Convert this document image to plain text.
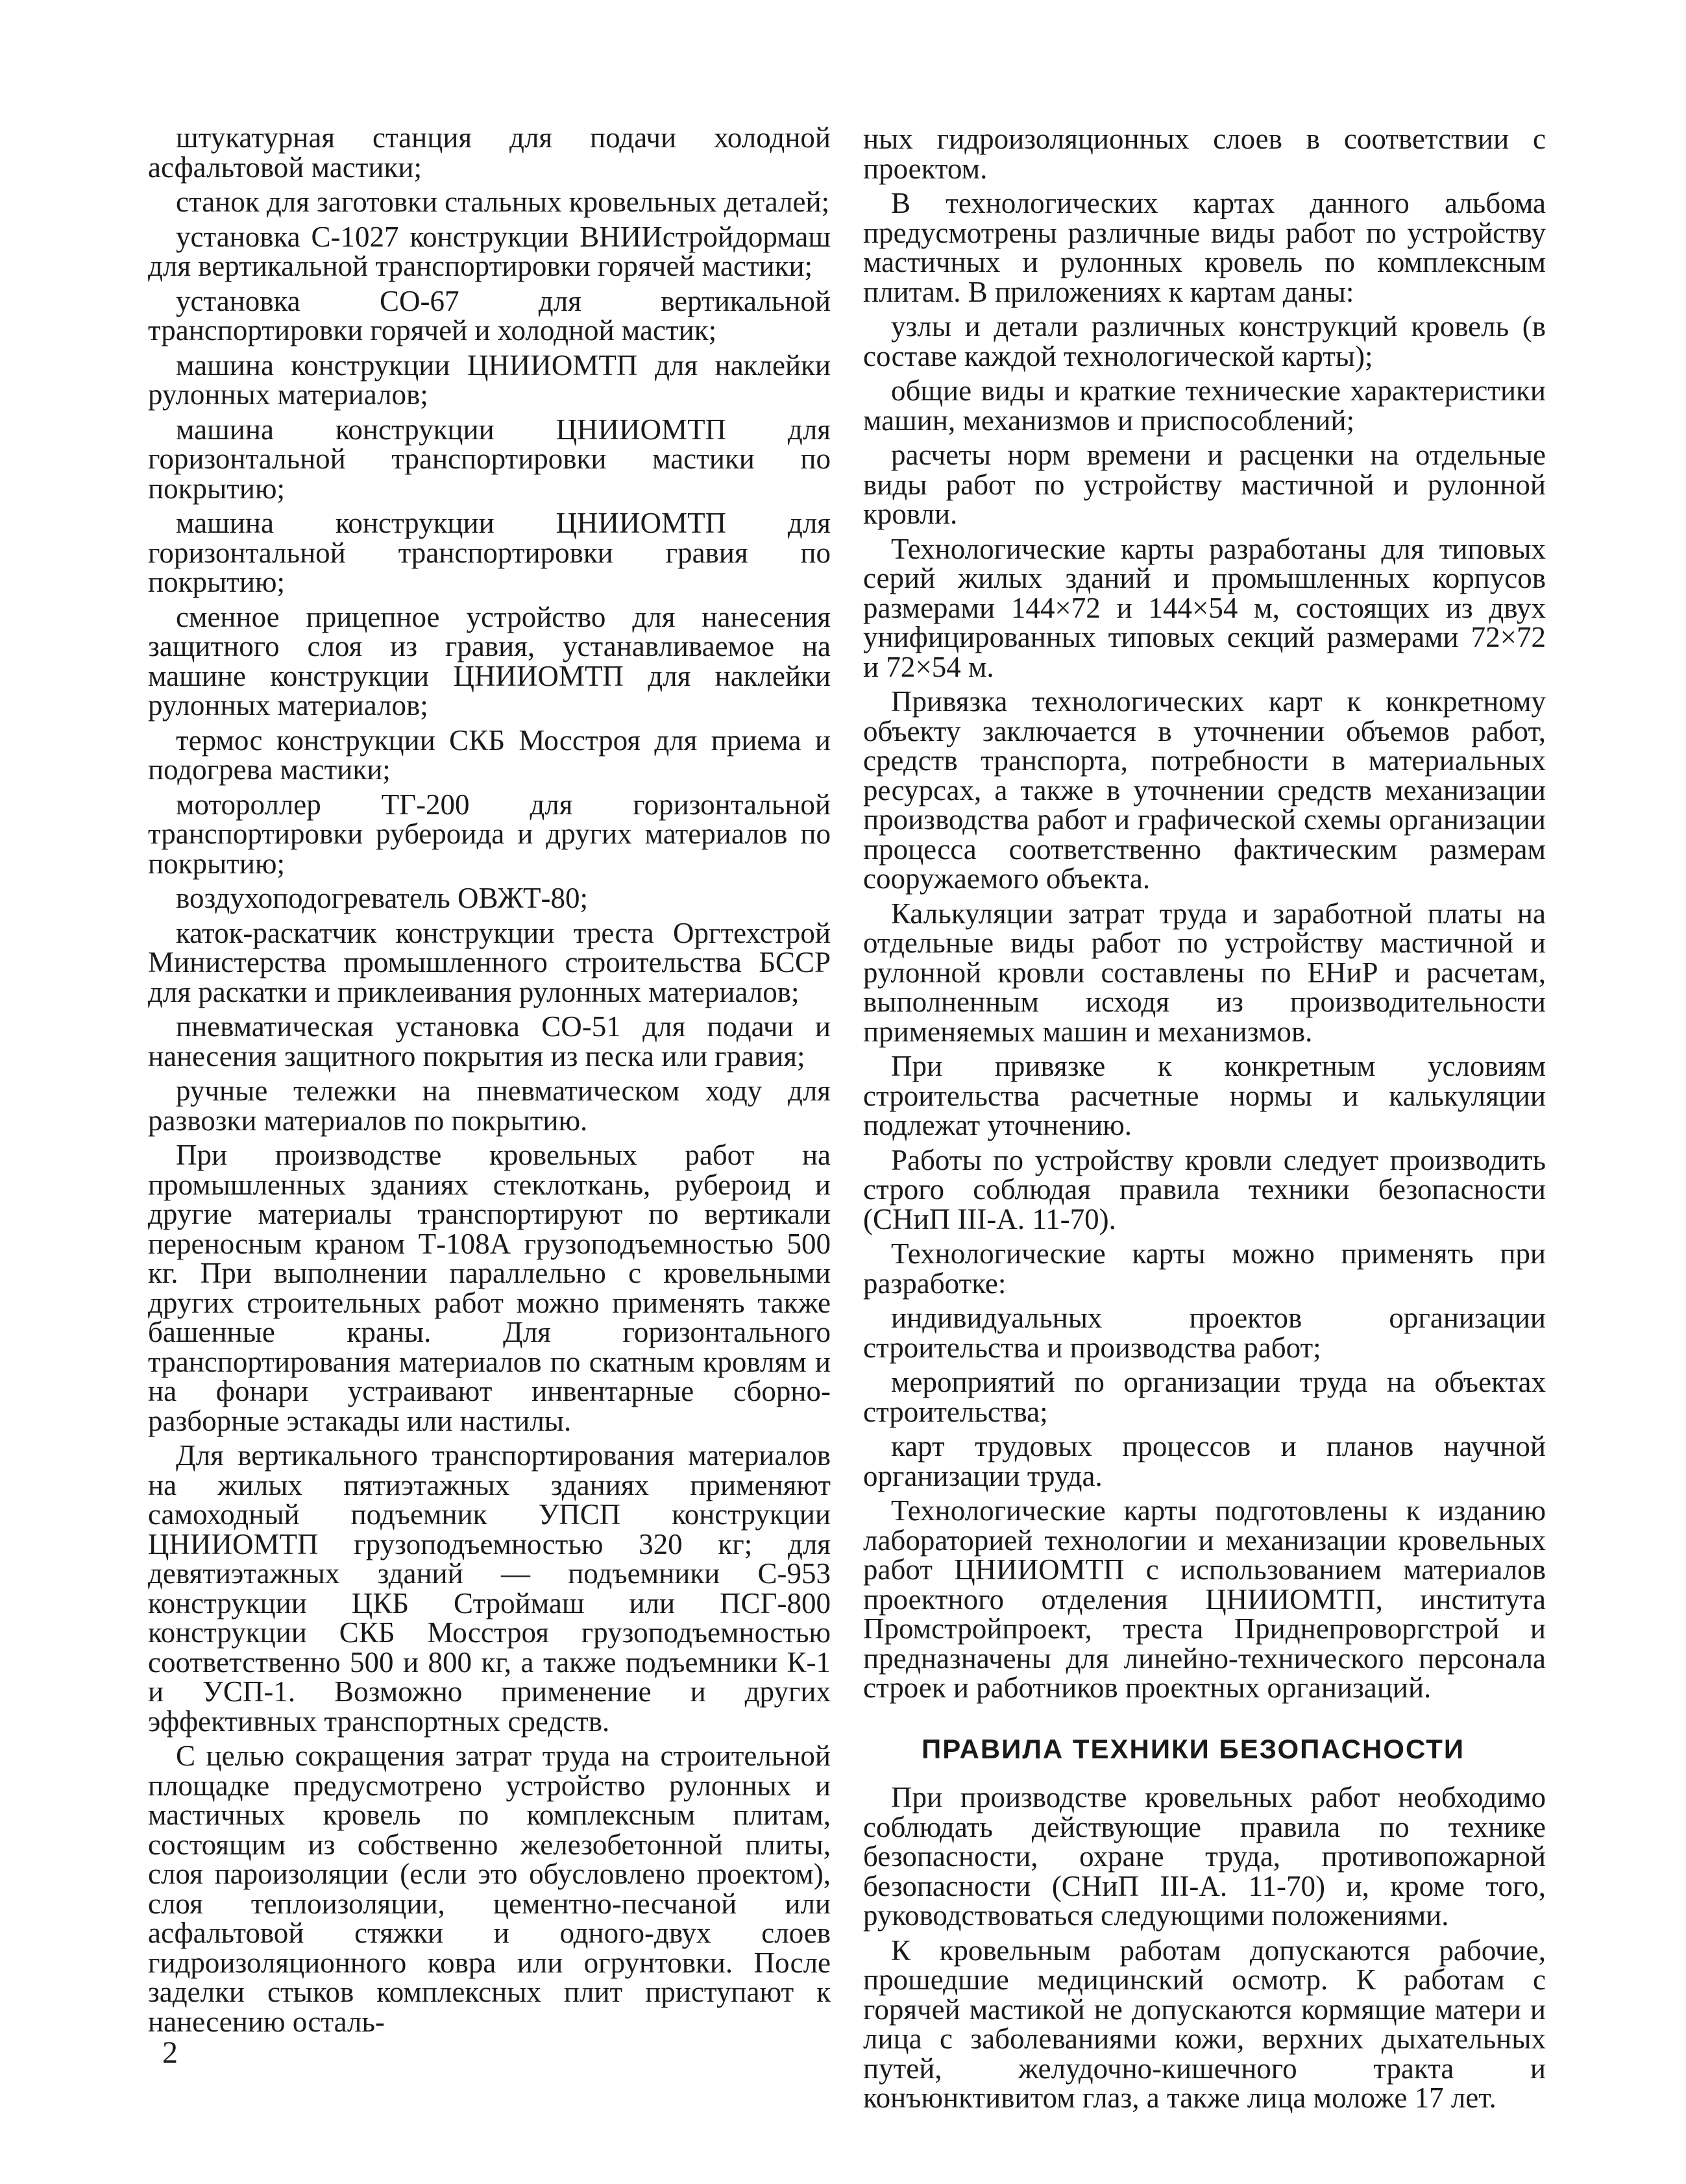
штукатурная станция для подачи холодной асфальтовой мастики;

станок для заготовки стальных кровельных деталей;

установка С-1027 конструкции ВНИИстройдормаш для вертикальной транспортировки горячей мастики;

установка СО-67 для вертикальной транспортировки горячей и холодной мастик;

машина конструкции ЦНИИОМТП для наклейки рулонных материалов;

машина конструкции ЦНИИОМТП для горизонтальной транспортировки мастики по покрытию;

машина конструкции ЦНИИОМТП для горизонтальной транспортировки гравия по покрытию;

сменное прицепное устройство для нанесения защитного слоя из гравия, устанавливаемое на машине конструкции ЦНИИОМТП для наклейки рулонных материалов;

термос конструкции СКБ Мосстроя для приема и подогрева мастики;

мотороллер ТГ-200 для горизонтальной транспортировки рубероида и других материалов по покрытию;

воздухоподогреватель ОВЖТ-80;

каток-раскатчик конструкции треста Оргтехстрой Министерства промышленного строительства БССР для раскатки и приклеивания рулонных материалов;

пневматическая установка СО-51 для подачи и нанесения защитного покрытия из песка или гравия;

ручные тележки на пневматическом ходу для развозки материалов по покрытию.

При производстве кровельных работ на промышленных зданиях стеклоткань, рубероид и другие материалы транспортируют по вертикали переносным краном Т-108А грузоподъемностью 500 кг. При выполнении параллельно с кровельными других строительных работ можно применять также башенные краны. Для горизонтального транспортирования материалов по скатным кровлям и на фонари устраивают инвентарные сборно-разборные эстакады или настилы.

Для вертикального транспортирования материалов на жилых пятиэтажных зданиях применяют самоходный подъемник УПСП конструкции ЦНИИОМТП грузоподъемностью 320 кг; для девятиэтажных зданий — подъемники С-953 конструкции ЦКБ Строймаш или ПСГ-800 конструкции СКБ Мосстроя грузоподъемностью соответственно 500 и 800 кг, а также подъемники К-1 и УСП-1. Возможно применение и других эффективных транспортных средств.

С целью сокращения затрат труда на строительной площадке предусмотрено устройство рулонных и мастичных кровель по комплексным плитам, состоящим из собственно железобетонной плиты, слоя пароизоляции (если это обусловлено проектом), слоя теплоизоляции, цементно-песчаной или асфальтовой стяжки и одного-двух слоев гидроизоляционного ковра или огрунтовки. После заделки стыков комплексных плит приступают к нанесению осталь-

ных гидроизоляционных слоев в соответствии с проектом.

В технологических картах данного альбома предусмотрены различные виды работ по устройству мастичных и рулонных кровель по комплексным плитам. В приложениях к картам даны:

узлы и детали различных конструкций кровель (в составе каждой технологической карты);

общие виды и краткие технические характеристики машин, механизмов и приспособлений;

расчеты норм времени и расценки на отдельные виды работ по устройству мастичной и рулонной кровли.

Технологические карты разработаны для типовых серий жилых зданий и промышленных корпусов размерами 144×72 и 144×54 м, состоящих из двух унифицированных типовых секций размерами 72×72 и 72×54 м.

Привязка технологических карт к конкретному объекту заключается в уточнении объемов работ, средств транспорта, потребности в материальных ресурсах, а также в уточнении средств механизации производства работ и графической схемы организации процесса соответственно фактическим размерам сооружаемого объекта.

Калькуляции затрат труда и заработной платы на отдельные виды работ по устройству мастичной и рулонной кровли составлены по ЕНиР и расчетам, выполненным исходя из производительности применяемых машин и механизмов.

При привязке к конкретным условиям строительства расчетные нормы и калькуляции подлежат уточнению.

Работы по устройству кровли следует производить строго соблюдая правила техники безопасности (СНиП III-А. 11-70).

Технологические карты можно применять при разработке:

индивидуальных проектов организации строительства и производства работ;

мероприятий по организации труда на объектах строительства;

карт трудовых процессов и планов научной организации труда.

Технологические карты подготовлены к изданию лабораторией технологии и механизации кровельных работ ЦНИИОМТП с использованием материалов проектного отделения ЦНИИОМТП, института Промстройпроект, треста Приднепроворгстрой и предназначены для линейно-технического персонала строек и работников проектных организаций.

ПРАВИЛА ТЕХНИКИ БЕЗОПАСНОСТИ

При производстве кровельных работ необходимо соблюдать действующие правила по технике безопасности, охране труда, противопожарной безопасности (СНиП III-А. 11-70) и, кроме того, руководствоваться следующими положениями.

К кровельным работам допускаются рабочие, прошедшие медицинский осмотр. К работам с горячей мастикой не допускаются кормящие матери и лица с заболеваниями кожи, верхних дыхательных путей, желудочно-кишечного тракта и конъюнктивитом глаз, а также лица моложе 17 лет.

2
